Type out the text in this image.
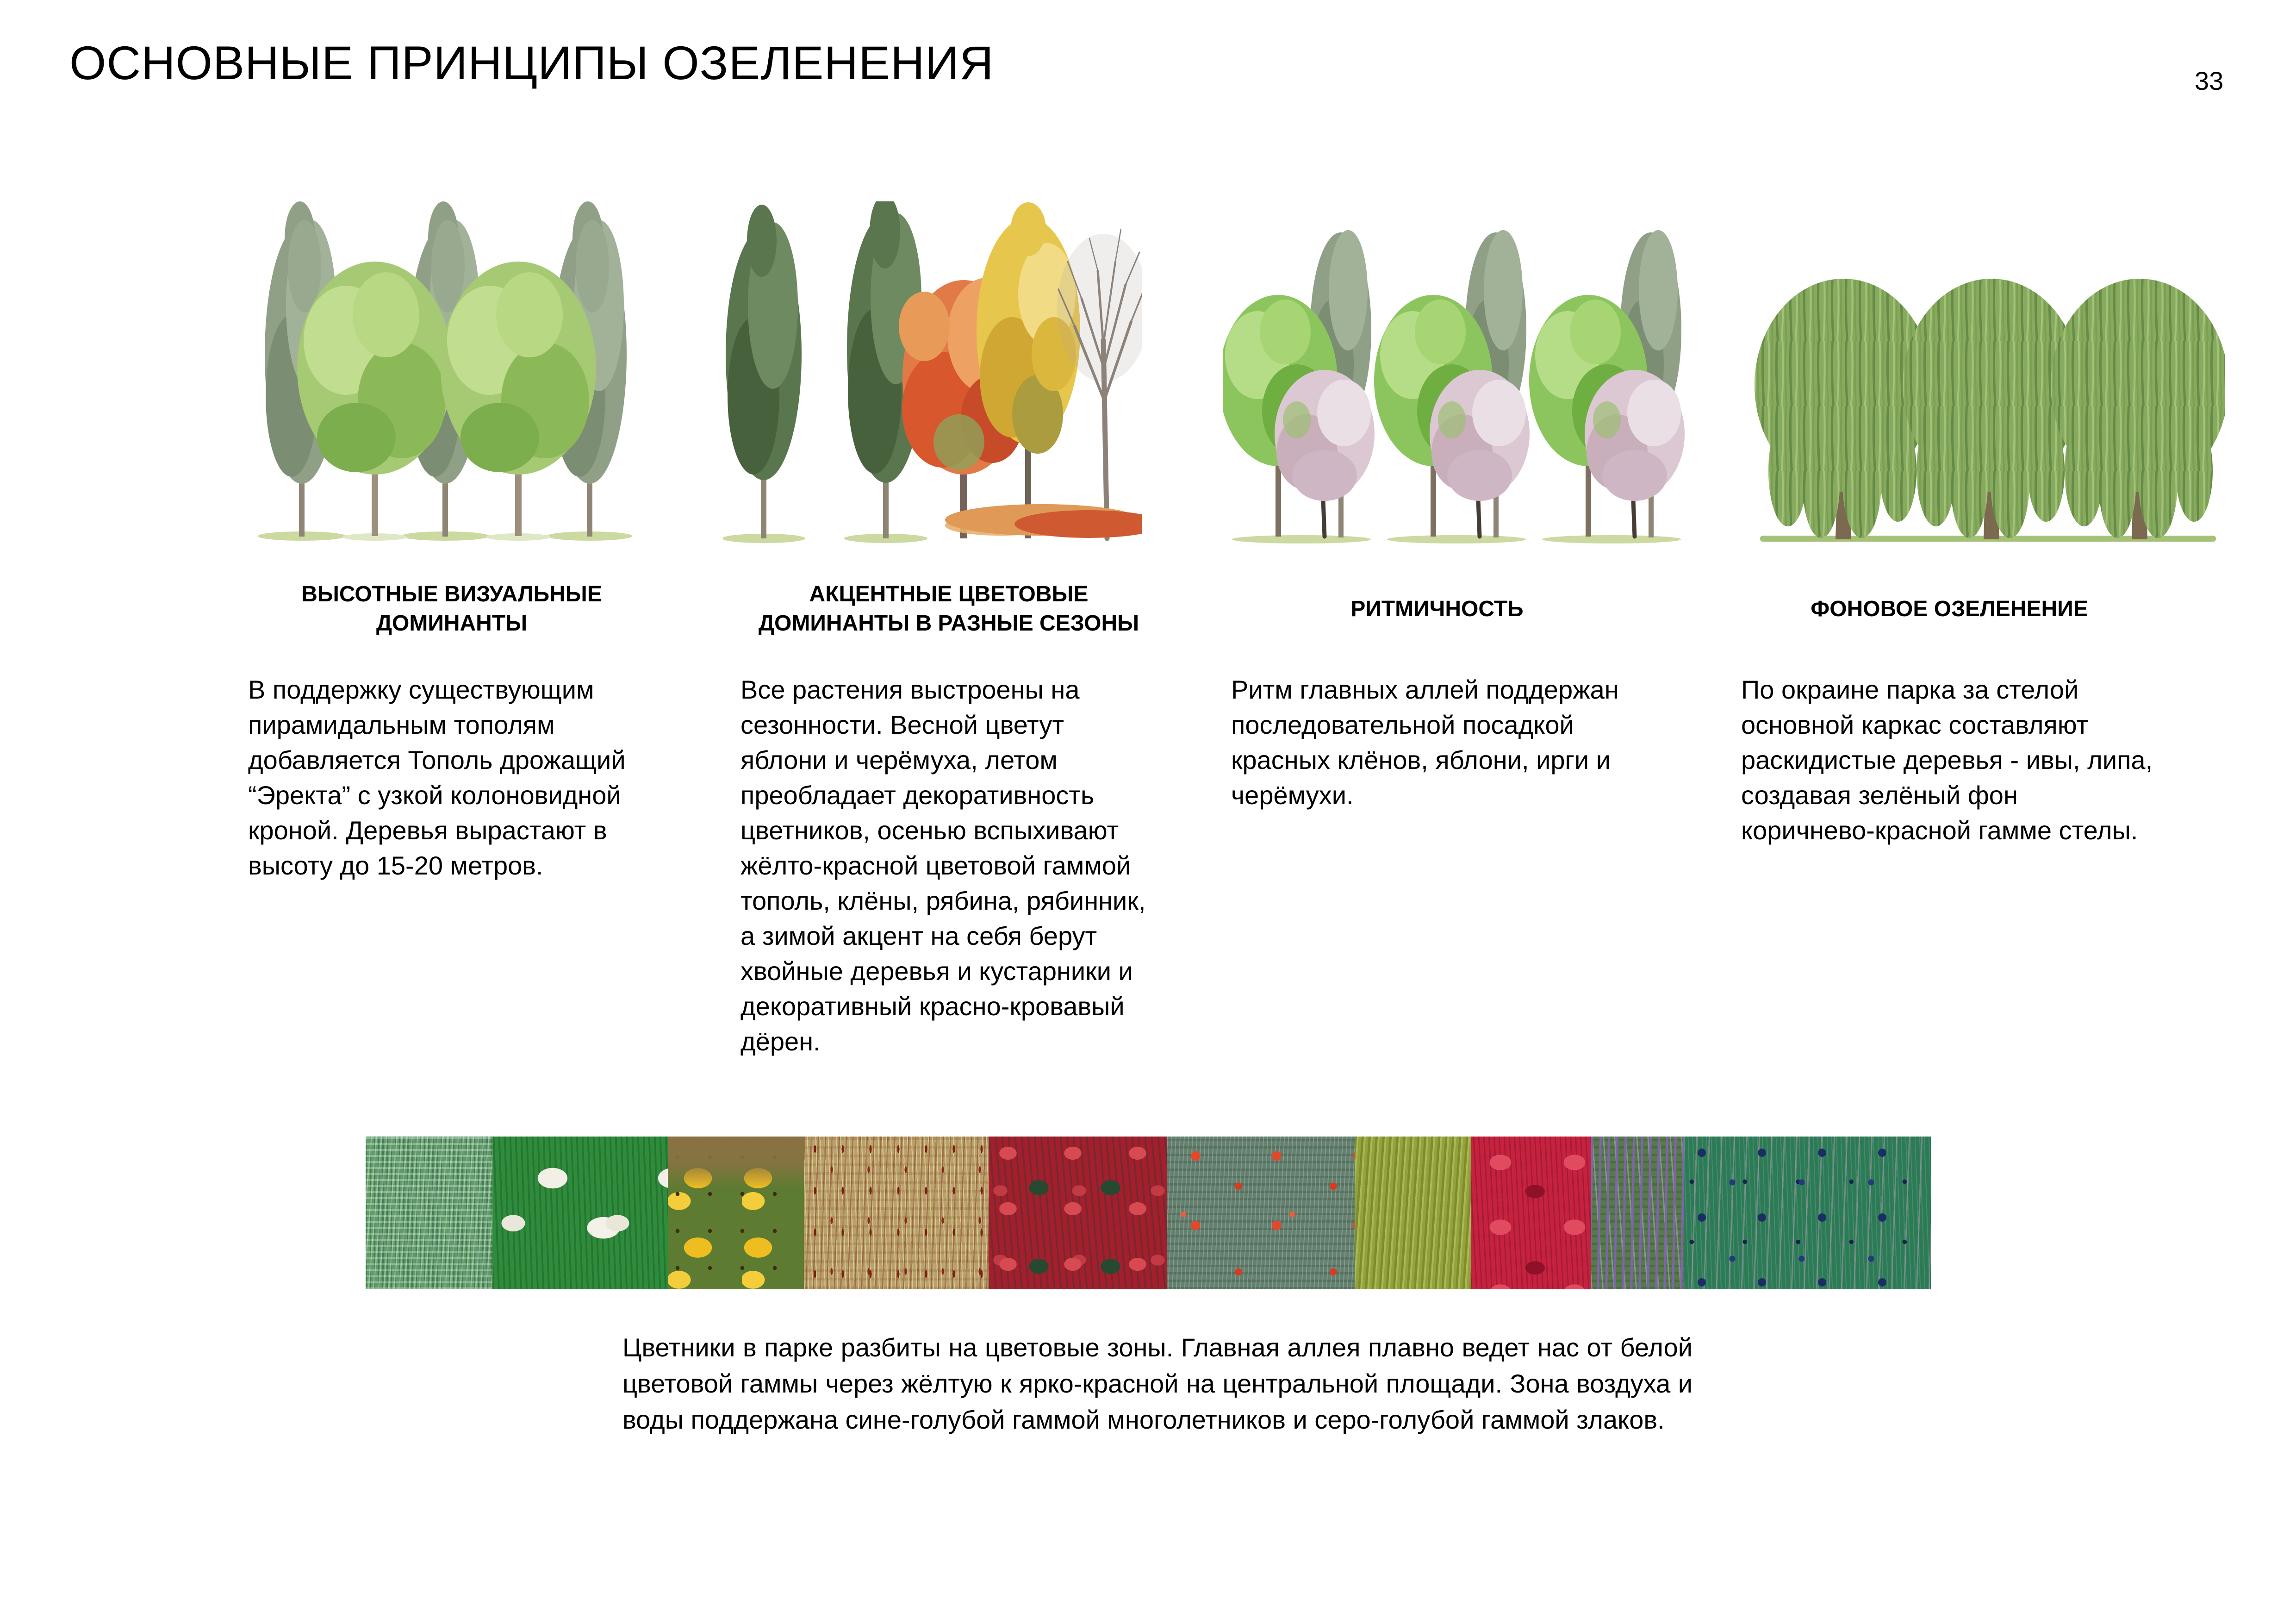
ОСНОВНЫЕ ПРИНЦИПЫ ОЗЕЛЕНЕНИЯ	33
ВЫСОТНЫЕ ВИЗУАЛЬНЫЕ ДОМИНАНТЫ
АКЦЕНТНЫЕ ЦВЕТОВЫЕ ДОМИНАНТЫ В РАЗНЫЕ СЕЗОНЫ
РИТМИЧНОСТЬ	ФОНОВОЕ ОЗЕЛЕНЕНИЕ
В поддержку существующим пирамидальным тополям добавляется Тополь дрожащий “Эректа” с узкой колоновидной кроной. Деревья вырастают в высоту до 15-20 метров.
Все растения выстроены на сезонности. Весной цветут яблони и черёмуха, летом преобладает декоративность цветников, осенью вспыхивают жёлто-красной цветовой гаммой тополь, клёны, рябина, рябинник, а зимой акцент на себя берут хвойные деревья и кустарники и декоративный красно-кровавый дёрен.
Ритм главных аллей поддержан последовательной посадкой красных клёнов, яблони, ирги и черёмухи.
По окраине парка за стелой основной каркас составляют раскидистые деревья - ивы, липа, создавая зелёный фон коричнево-красной гамме стелы.
Цветники в парке разбиты на цветовые зоны. Главная аллея плавно ведет нас от белой цветовой гаммы через жёлтую к ярко-красной на центральной площади. Зона воздуха и воды поддержана сине-голубой гаммой многолетников и серо-голубой гаммой злаков.
